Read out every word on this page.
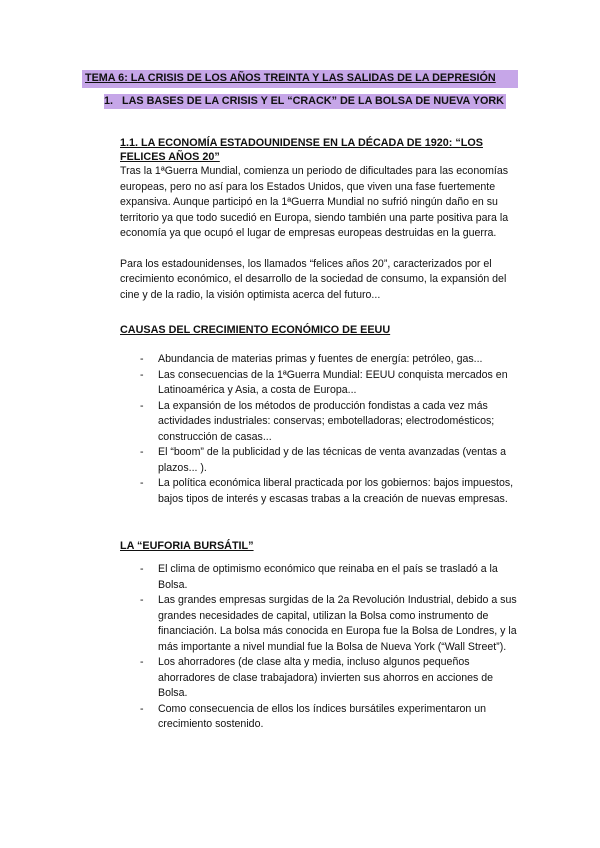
TEMA 6: LA CRISIS DE LOS AÑOS TREINTA Y LAS SALIDAS DE LA DEPRESIÓN
1. LAS BASES DE LA CRISIS Y EL “CRACK” DE LA BOLSA DE NUEVA YORK
1.1. LA ECONOMÍA ESTADOUNIDENSE EN LA DÉCADA DE 1920: “LOS FELICES AÑOS 20”

Tras la 1ªGuerra Mundial, comienza un periodo de dificultades para las economías europeas, pero no así para los Estados Unidos, que viven una fase fuertemente expansiva. Aunque participó en la 1ªGuerra Mundial no sufrió ningún daño en su territorio ya que todo sucedió en Europa, siendo también una parte positiva para la economía ya que ocupó el lugar de empresas europeas destruidas en la guerra.

Para los estadounidenses, los llamados “felices años 20”, caracterizados por el crecimiento económico, el desarrollo de la sociedad de consumo, la expansión del cine y de la radio, la visión optimista acerca del futuro...

CAUSAS DEL CRECIMIENTO ECONÓMICO DE EEUU
- Abundancia de materias primas y fuentes de energía: petróleo, gas...
- Las consecuencias de la 1ªGuerra Mundial: EEUU conquista mercados en Latinoamérica y Asia, a costa de Europa...
- La expansión de los métodos de producción fondistas a cada vez más actividades industriales: conservas; embotelladoras; electrodomésticos; construcción de casas...
- El “boom” de la publicidad y de las técnicas de venta avanzadas (ventas a plazos... ).
- La política económica liberal practicada por los gobiernos: bajos impuestos, bajos tipos de interés y escasas trabas a la creación de nuevas empresas.
LA “EUFORIA BURSÁTIL”
- El clima de optimismo económico que reinaba en el país se trasladó a la Bolsa.
- Las grandes empresas surgidas de la 2a Revolución Industrial, debido a sus grandes necesidades de capital, utilizan la Bolsa como instrumento de financiación. La bolsa más conocida en Europa fue la Bolsa de Londres, y la más importante a nivel mundial fue la Bolsa de Nueva York (“Wall Street”).
- Los ahorradores (de clase alta y media, incluso algunos pequeños ahorradores de clase trabajadora) invierten sus ahorros en acciones de Bolsa.
- Como consecuencia de ellos los índices bursátiles experimentaron un crecimiento sostenido.
